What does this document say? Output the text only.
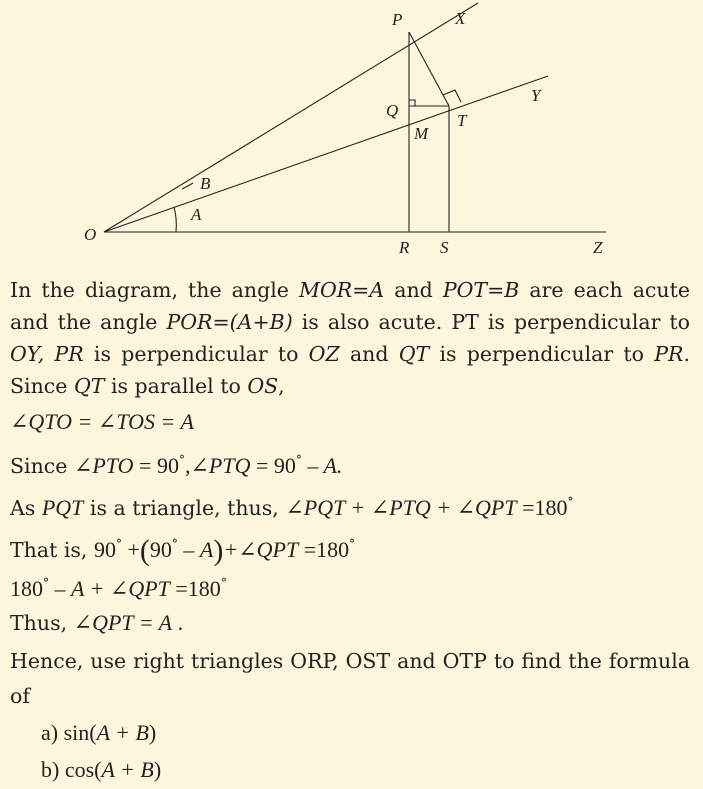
P	X
Y
Q
M
T
B
A
O
R S	Z

In the diagram, the angle MOR=A and POT=B are each acute and the angle POR=(A+B) is also acute. PT is perpendicular to OY, PR is perpendicular to OZ and QT is perpendicular to PR. Since QT is parallel to OS,

∠QTO = ∠TOS = A
Since ∠PTO = 90°,∠PTQ = 90° – A.
As PQT is a triangle, thus, ∠PQT + ∠PTQ + ∠QPT =180°
That is, 90° +(90° – A)+∠QPT =180°
180° – A + ∠QPT =180°
Thus, ∠QPT = A .

Hence, use right triangles ORP, OST and OTP to find the formula of

a) sin(A + B)
b) cos(A + B)
